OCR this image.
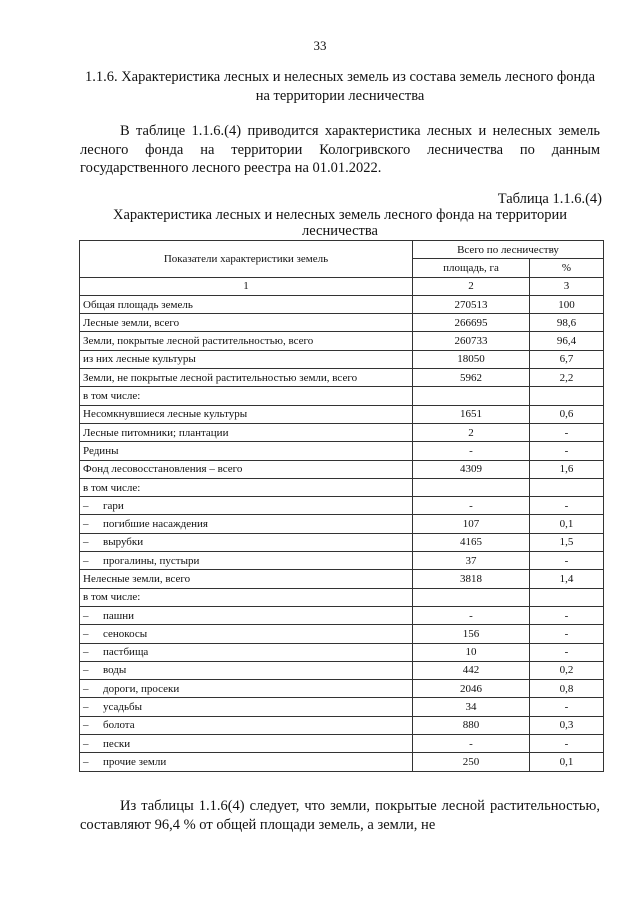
33
1.1.6. Характеристика лесных и нелесных земель из состава земель лесного фонда на территории лесничества
В таблице 1.1.6.(4) приводится характеристика лесных и нелесных земель лесного фонда на территории Кологривского лесничества по данным государственного лесного реестра на 01.01.2022.
Таблица 1.1.6.(4)
Характеристика лесных и нелесных земель лесного фонда на территории лесничества
Показатели характеристики земель	Всего по лесничеству	
	площадь, га	%
1	2	3
Общая площадь земель	270513	100
Лесные земли, всего	266695	98,6
Земли, покрытые лесной растительностью, всего	260733	96,4
из них лесные культуры	18050	6,7
Земли, не покрытые лесной растительностью земли, всего	5962	2,2
в том числе:		
Несомкнувшиеся лесные культуры	1651	0,6
Лесные питомники; плантации	2	-
Редины	-	-
Фонд лесовосстановления – всего	4309	1,6
в том числе:		
– гари	-	-
– погибшие насаждения	107	0,1
– вырубки	4165	1,5
– прогалины, пустыри	37	-
Нелесные земли, всего	3818	1,4
в том числе:		
– пашни	-	-
– сенокосы	156	-
– пастбища	10	-
– воды	442	0,2
– дороги, просеки	2046	0,8
– усадьбы	34	-
– болота	880	0,3
– пески	-	-
– прочие земли	250	0,1
Из таблицы 1.1.6(4) следует, что земли, покрытые лесной растительностью, составляют 96,4 % от общей площади земель, а земли, не
